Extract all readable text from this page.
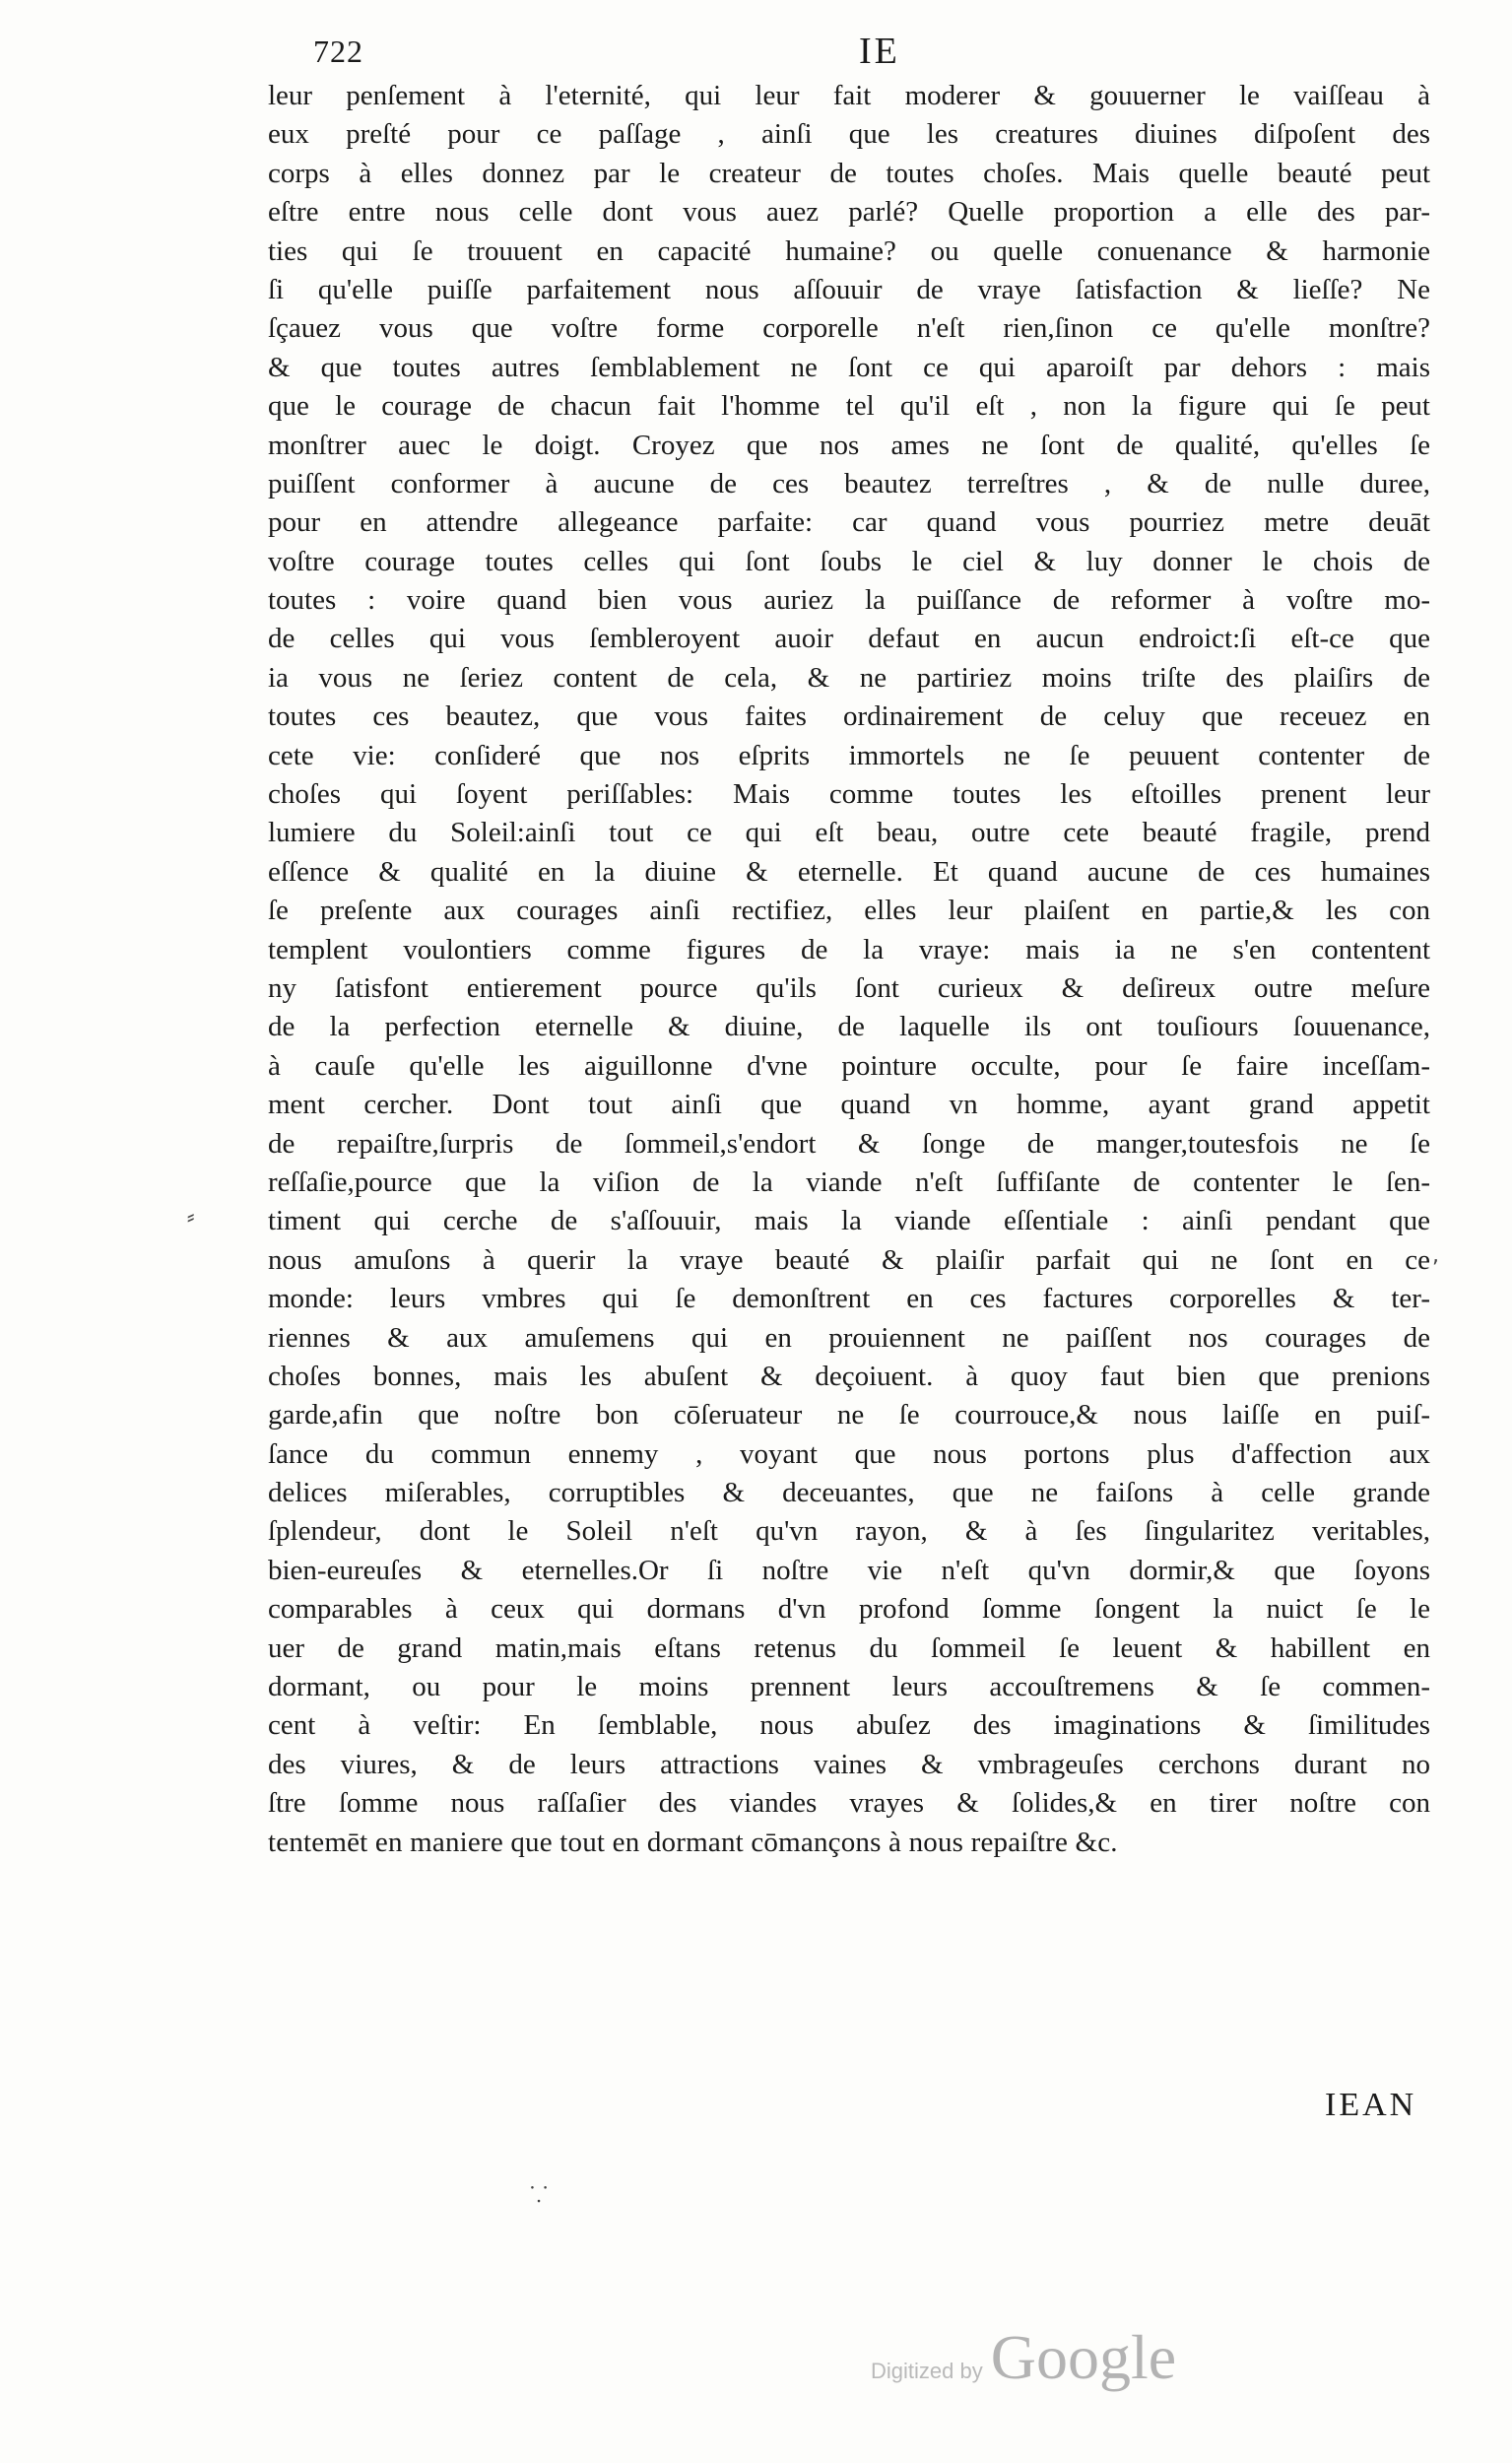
722	IE
leur penſement à l'eternité, qui leur fait moderer & gouuerner le vaiſſeau à
eux preſté pour ce paſſage , ainſi que les creatures diuines diſpoſent des
corps à elles donnez par le createur de toutes choſes. Mais quelle beauté peut
eſtre entre nous celle dont vous auez parlé? Quelle proportion a elle des par-
ties qui ſe trouuent en capacité humaine? ou quelle conuenance & harmonie
ſi qu'elle puiſſe parfaitement nous aſſouuir de vraye ſatisfaction & lieſſe? Ne
ſçauez vous que voſtre forme corporelle n'eſt rien,ſinon ce qu'elle monſtre?
& que toutes autres ſemblablement ne ſont ce qui aparoiſt par dehors : mais
que le courage de chacun fait l'homme tel qu'il eſt , non la figure qui ſe peut
monſtrer auec le doigt. Croyez que nos ames ne ſont de qualité, qu'elles ſe
puiſſent conformer à aucune de ces beautez terreſtres , & de nulle duree,
pour en attendre allegeance parfaite: car quand vous pourriez metre deuāt
voſtre courage toutes celles qui ſont ſoubs le ciel & luy donner le chois de
toutes : voire quand bien vous auriez la puiſſance de reformer à voſtre mo-
de celles qui vous ſembleroyent auoir defaut en aucun endroict:ſi eſt-ce que
ia vous ne ſeriez content de cela, & ne partiriez moins triſte des plaiſirs de
toutes ces beautez, que vous faites ordinairement de celuy que receuez en
cete vie: conſideré que nos eſprits immortels ne ſe peuuent contenter de
choſes qui ſoyent periſſables: Mais comme toutes les eſtoilles prenent leur
lumiere du Soleil:ainſi tout ce qui eſt beau, outre cete beauté fragile, prend
eſſence & qualité en la diuine & eternelle. Et quand aucune de ces humaines
ſe preſente aux courages ainſi rectifiez, elles leur plaiſent en partie,& les con
templent voulontiers comme figures de la vraye: mais ia ne s'en contentent
ny ſatisfont entierement pource qu'ils ſont curieux & deſireux outre meſure
de la perfection eternelle & diuine, de laquelle ils ont touſiours ſouuenance,
à cauſe qu'elle les aiguillonne d'vne pointure occulte, pour ſe faire inceſſam-
ment cercher. Dont tout ainſi que quand vn homme, ayant grand appetit
de repaiſtre,ſurpris de ſommeil,s'endort & ſonge de manger,toutesfois ne ſe
reſſaſie,pource que la viſion de la viande n'eſt ſuffiſante de contenter le ſen-
timent qui cerche de s'aſſouuir, mais la viande eſſentiale : ainſi pendant que
nous amuſons à querir la vraye beauté & plaiſir parfait qui ne ſont en ce
monde: leurs vmbres qui ſe demonſtrent en ces factures corporelles & ter-
riennes & aux amuſemens qui en prouiennent ne paiſſent nos courages de
choſes bonnes, mais les abuſent & deçoiuent. à quoy faut bien que prenions
garde,afin que noſtre bon cōſeruateur ne ſe courrouce,& nous laiſſe en puiſ-
ſance du commun ennemy , voyant que nous portons plus d'affection aux
delices miſerables, corruptibles & deceuantes, que ne faiſons à celle grande
ſplendeur, dont le Soleil n'eſt qu'vn rayon, & à ſes ſingularitez veritables,
bien-eureuſes & eternelles.Or ſi noſtre vie n'eſt qu'vn dormir,& que ſoyons
comparables à ceux qui dormans d'vn profond ſomme ſongent la nuict ſe le
uer de grand matin,mais eſtans retenus du ſommeil ſe leuent & habillent en
dormant, ou pour le moins prennent leurs accouſtremens & ſe commen-
cent à veſtir: En ſemblable, nous abuſez des imaginations & ſimilitudes
des viures, & de leurs attractions vaines & vmbrageuſes cerchons durant no
ſtre ſomme nous raſſaſier des viandes vrayes & ſolides,& en tirer noſtre con
tentemēt en maniere que tout en dormant cōmançons à nous repaiſtre &c.
IEAN
⸗
,
⸪
Digitized by Google
